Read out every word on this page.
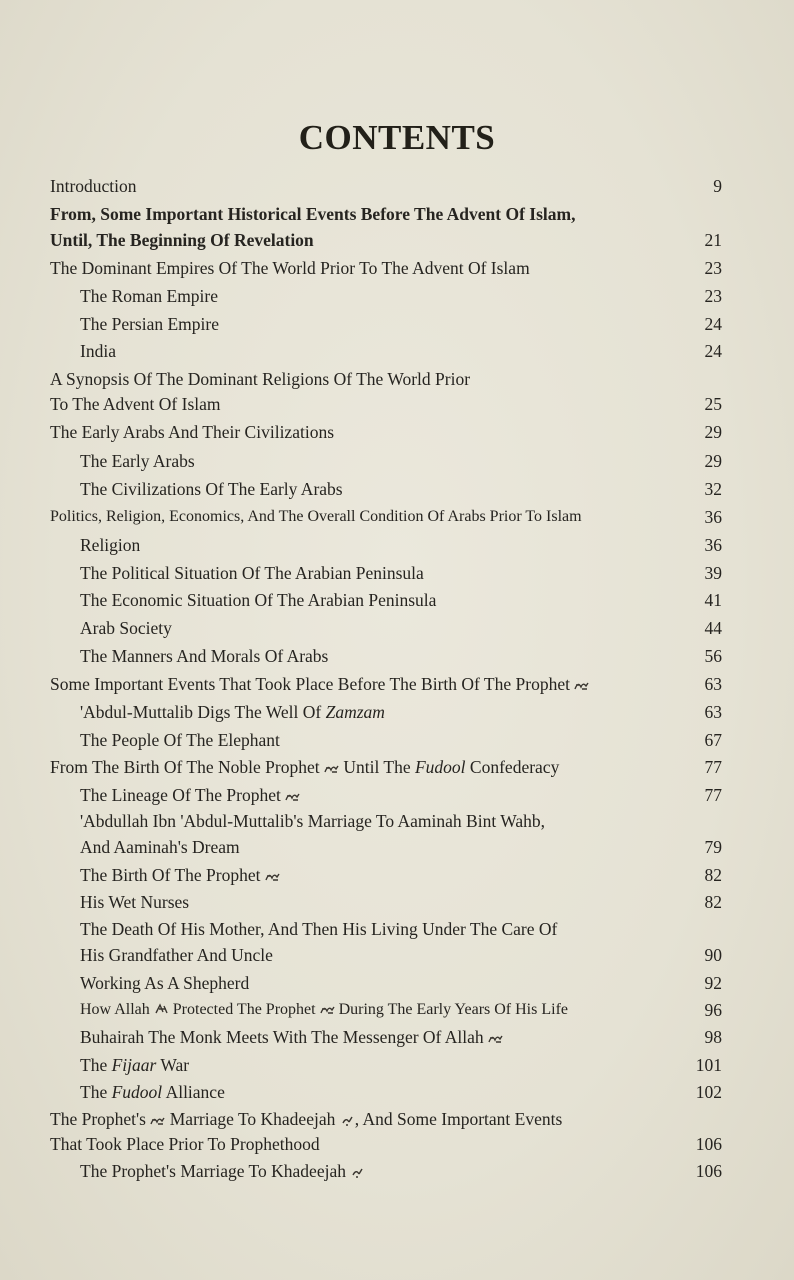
CONTENTS
Introduction	9
From, Some Important Historical Events Before The Advent Of Islam,
Until, The Beginning Of Revelation	21
The Dominant Empires Of The World Prior To The Advent Of Islam	23
The Roman Empire	23
The Persian Empire	24
India	24
A Synopsis Of The Dominant Religions Of The World Prior
To The Advent Of Islam	25
The Early Arabs And Their Civilizations	29
The Early Arabs	29
The Civilizations Of The Early Arabs	32
Politics, Religion, Economics, And The Overall Condition Of Arabs Prior To Islam	36
Religion	36
The Political Situation Of The Arabian Peninsula	39
The Economic Situation Of The Arabian Peninsula	41
Arab Society	44
The Manners And Morals Of Arabs	56
Some Important Events That Took Place Before The Birth Of The Prophet	63
'Abdul-Muttalib Digs The Well Of Zamzam	63
The People Of The Elephant	67
From The Birth Of The Noble Prophet Until The Fudool Confederacy	77
The Lineage Of The Prophet	77
'Abdullah Ibn 'Abdul-Muttalib's Marriage To Aaminah Bint Wahb,
And Aaminah's Dream	79
The Birth Of The Prophet	82
His Wet Nurses	82
The Death Of His Mother, And Then His Living Under The Care Of
His Grandfather And Uncle	90
Working As A Shepherd	92
How Allah Protected The Prophet During The Early Years Of His Life	96
Buhairah The Monk Meets With The Messenger Of Allah	98
The Fijaar War	101
The Fudool Alliance	102
The Prophet's Marriage To Khadeejah , And Some Important Events
That Took Place Prior To Prophethood	106
The Prophet's Marriage To Khadeejah	106
